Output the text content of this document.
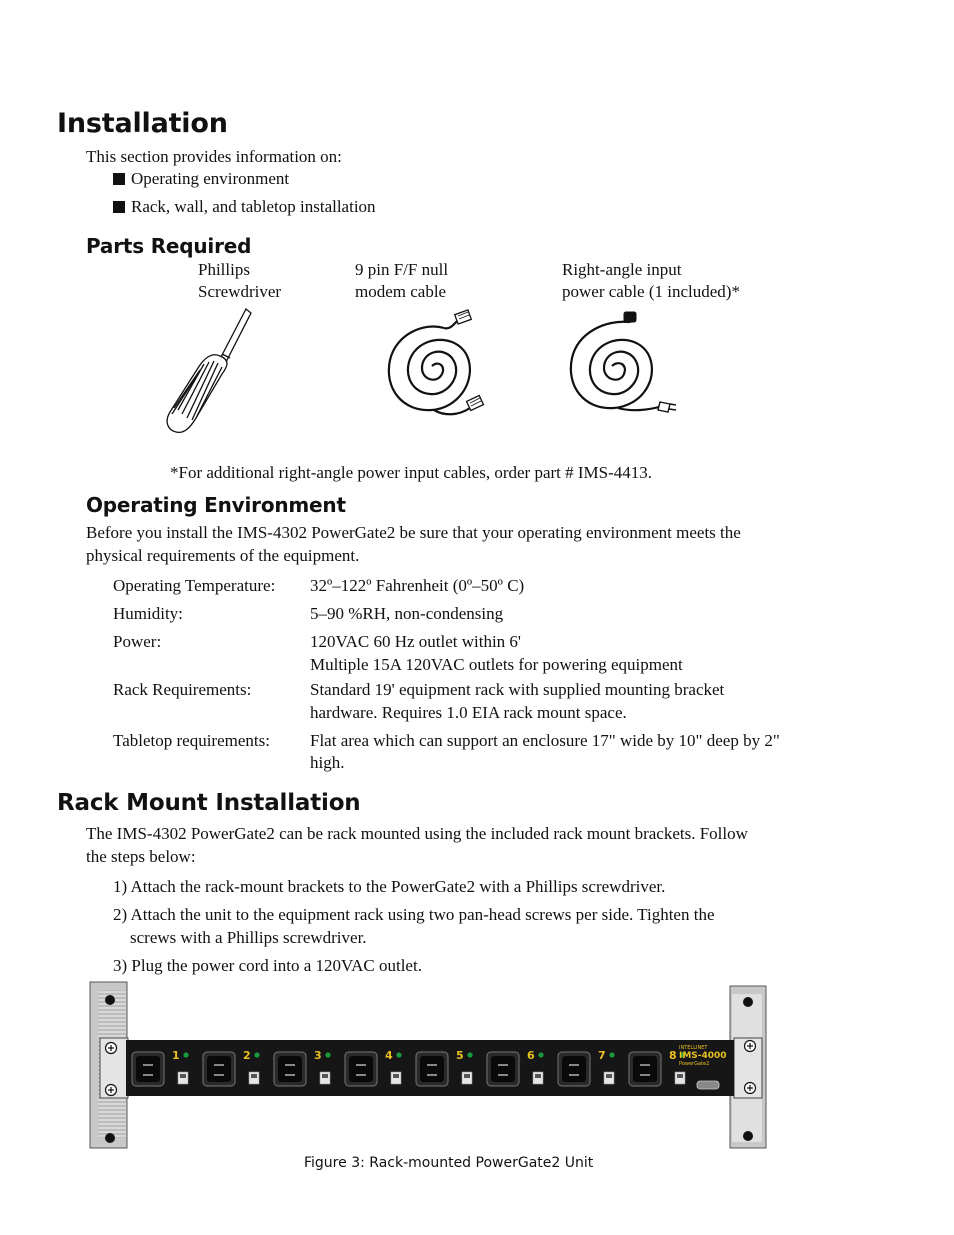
Installation
This section provides information on:
Operating environment
Rack, wall, and tabletop installation
Parts Required
Phillips
Screwdriver
9 pin F/F null
modem cable
Right-angle input
power cable (1 included)*
*For additional right-angle power input cables, order part # IMS-4413.
Operating Environment
Before you install the IMS-4302 PowerGate2 be sure that your operating environment meets the
physical requirements of the equipment.
Operating Temperature: 32º–122º Fahrenheit (0º–50º C)
Humidity:	5–90 %RH, non-condensing
Power:	120VAC 60 Hz outlet within 6'
Multiple 15A 120VAC outlets for powering equipment
Rack Requirements:	Standard 19' equipment rack with supplied mounting bracket
hardware. Requires 1.0 EIA rack mount space.
Tabletop requirements: Flat area which can support an enclosure 17" wide by 10" deep by 2"
high.
Rack Mount Installation
The IMS-4302 PowerGate2 can be rack mounted using the included rack mount brackets. Follow
the steps below:
1) Attach the rack-mount brackets to the PowerGate2 with a Phillips screwdriver.
2) Attach the unit to the equipment rack using two pan-head screws per side. Tighten the
screws with a Phillips screwdriver.
3) Plug the power cord into a 120VAC outlet.
1	2	3	4	5	6	7	8
INTELLINET
IMS-4000
PowerGate2
Figure 3: Rack-mounted PowerGate2 Unit
